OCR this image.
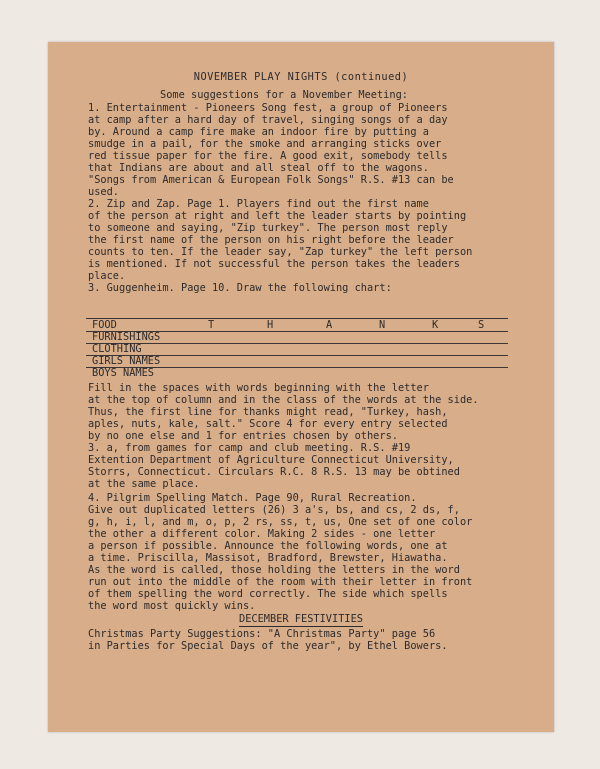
NOVEMBER PLAY NIGHTS (continued)
Some suggestions for a November Meeting:
1. Entertainment - Pioneers Song fest, a group of Pioneers
at camp after a hard day of travel, singing songs of a day
by. Around a camp fire make an indoor fire by putting a
smudge in a pail, for the smoke and arranging sticks over
red tissue paper for the fire. A good exit, somebody tells
that Indians are about and all steal off to the wagons.
"Songs from American & European Folk Songs" R.S. #13 can be
used.
2. Zip and Zap. Page 1. Players find out the first name
of the person at right and left the leader starts by pointing
to someone and saying, "Zip turkey". The person most reply
the first name of the person on his right before the leader
counts to ten. If the leader say, "Zap turkey" the left person
is mentioned. If not successful the person takes the leaders
place.
3. Guggenheim. Page 10. Draw the following chart:
FOOD	T	H	A	N	K	S
FURNISHINGS
CLOTHING
GIRLS NAMES
BOYS NAMES
Fill in the spaces with words beginning with the letter
at the top of column and in the class of the words at the side.
Thus, the first line for thanks might read, "Turkey, hash,
aples, nuts, kale, salt." Score 4 for every entry selected
by no one else and 1 for entries chosen by others.
3. a, from games for camp and club meeting. R.S. #19
Extention Department of Agriculture Connecticut University,
Storrs, Connecticut. Circulars R.C. 8 R.S. 13 may be obtined
at the same place.
4. Pilgrim Spelling Match. Page 90, Rural Recreation.
Give out duplicated letters (26) 3 a's, bs, and cs, 2 ds, f,
g, h, i, l, and m, o, p, 2 rs, ss, t, us, One set of one color
the other a different color. Making 2 sides - one letter
a person if possible. Announce the following words, one at
a time. Priscilla, Massisot, Bradford, Brewster, Hiawatha.
As the word is called, those holding the letters in the word
run out into the middle of the room with their letter in front
of them spelling the word correctly. The side which spells
the word most quickly wins.
DECEMBER FESTIVITIES
Christmas Party Suggestions: "A Christmas Party" page 56
in Parties for Special Days of the year", by Ethel Bowers.
